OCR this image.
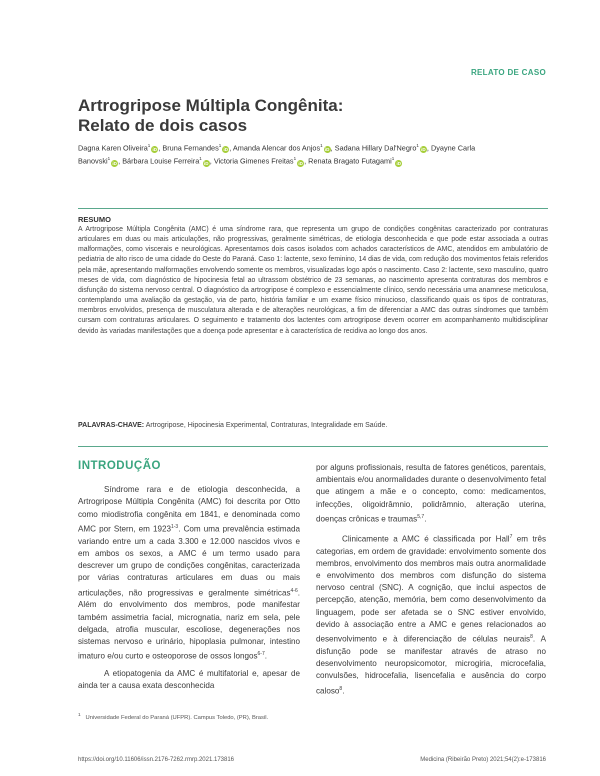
RELATO DE CASO
Artrogripose Múltipla Congênita:
Relato de dois casos
Dagna Karen Oliveira$^1$iD, Bruna Fernandes$^1$iD, Amanda Alencar dos Anjos$^1$iD, Sadana Hillary Dal'Negro$^1$iD, Dyayne Carla Banovski$^1$iD, Bárbara Louise Ferreira$^1$iD, Victoria Gimenes Freitas$^1$iD, Renata Bragato Futagami$^1$iD
RESUMO

A Artrogripose Múltipla Congênita (AMC) é uma síndrome rara, que representa um grupo de condições congênitas caracterizado por contraturas articulares em duas ou mais articulações, não progressivas, geralmente simétricas, de etiologia desconhecida e que pode estar associada a outras malformações, como viscerais e neurológicas. Apresentamos dois casos isolados com achados característicos de AMC, atendidos em ambulatório de pediatria de alto risco de uma cidade do Oeste do Paraná. Caso 1: lactente, sexo feminino, 14 dias de vida, com redução dos movimentos fetais referidos pela mãe, apresentando malformações envolvendo somente os membros, visualizadas logo após o nascimento. Caso 2: lactente, sexo masculino, quatro meses de vida, com diagnóstico de hipocinesia fetal ao ultrassom obstétrico de 23 semanas, ao nascimento apresenta contraturas dos membros e disfunção do sistema nervoso central. O diagnóstico da artrogripose é complexo e essencialmente clínico, sendo necessária uma anamnese meticulosa, contemplando uma avaliação da gestação, via de parto, história familiar e um exame físico minucioso, classificando quais os tipos de contraturas, membros envolvidos, presença de musculatura alterada e de alterações neurológicas, a fim de diferenciar a AMC das outras síndromes que também cursam com contraturas articulares. O seguimento e tratamento dos lactentes com artrogripose devem ocorrer em acompanhamento multidisciplinar devido às variadas manifestações que a doença pode apresentar e à característica de recidiva ao longo dos anos.

PALAVRAS-CHAVE: Artrogripose, Hipocinesia Experimental, Contraturas, Integralidade em Saúde.
INTRODUÇÃO

Síndrome rara e de etiologia desconhecida, a Artrogripose Múltipla Congênita (AMC) foi descrita por Otto como miodistrofia congênita em 1841, e denominada como AMC por Stern, em 1923$^{1-3}$. Com uma prevalência estimada variando entre um a cada 3.300 e 12.000 nascidos vivos e em ambos os sexos, a AMC é um termo usado para descrever um grupo de condições congênitas, caracterizada por várias contraturas articulares em duas ou mais articulações, não progressivas e geralmente simétricas$^{4-6}$. Além do envolvimento dos membros, pode manifestar também assimetria facial, micrognatia, nariz em sela, pele delgada, atrofia muscular, escoliose, degenerações nos sistemas nervoso e urinário, hipoplasia pulmonar, intestino imaturo e/ou curto e osteoporose de ossos longos$^{6-7}$.

A etiopatogenia da AMC é multifatorial e, apesar de ainda ter a causa exata desconhecida

por alguns profissionais, resulta de fatores genéticos, parentais, ambientais e/ou anormalidades durante o desenvolvimento fetal que atingem a mãe e o concepto, como: medicamentos, infecções, oligoidrâmnio, polidrâmnio, alteração uterina, doenças crônicas e traumas$^{5,7}$.

Clinicamente a AMC é classificada por Hall$^7$ em três categorias, em ordem de gravidade: envolvimento somente dos membros, envolvimento dos membros mais outra anormalidade e envolvimento dos membros com disfunção do sistema nervoso central (SNC). A cognição, que inclui aspectos de percepção, atenção, memória, bem como desenvolvimento da linguagem, pode ser afetada se o SNC estiver envolvido, devido à associação entre a AMC e genes relacionados ao desenvolvimento e à diferenciação de células neurais$^8$. A disfunção pode se manifestar através de atraso no desenvolvimento neuropsicomotor, microgiria, microcefalia, convulsões, hidrocefalia, lisencefalia e ausência do corpo caloso$^8$.

$^1$ Universidade Federal do Paraná (UFPR). Campus Toledo, (PR), Brasil.
https://doi.org/10.11606/issn.2176-7262.rmrp.2021.173816	Medicina (Ribeirão Preto) 2021;54(2):e-173816
